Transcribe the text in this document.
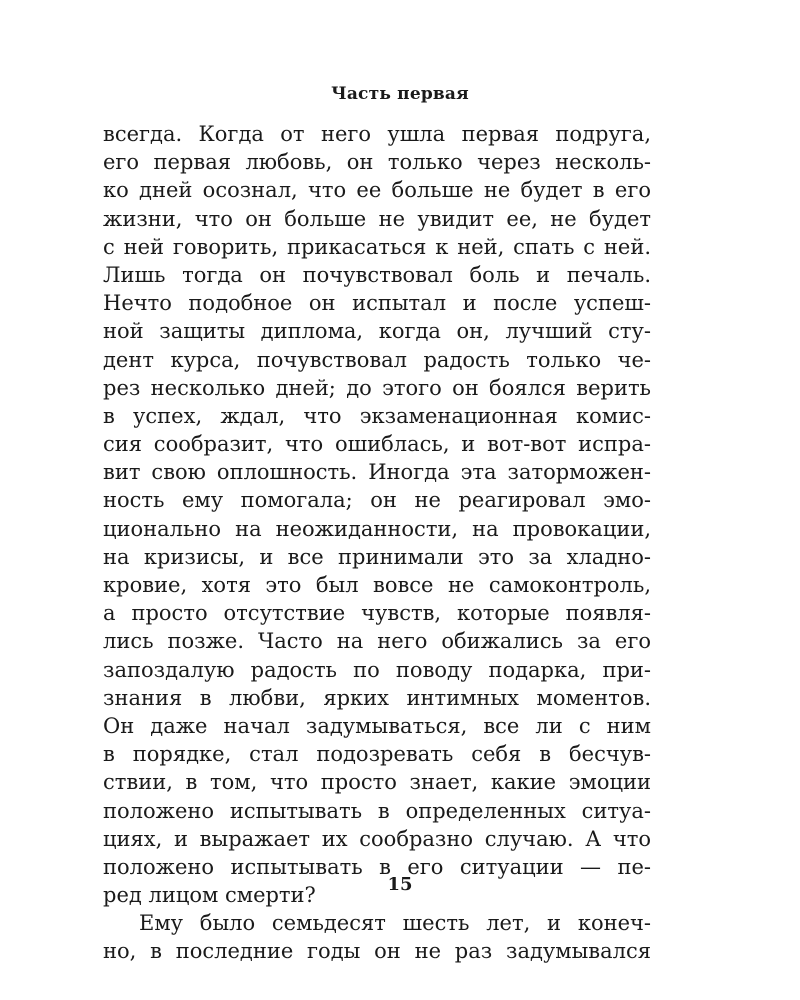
Часть первая
всегда. Когда от него ушла первая подруга,
его первая любовь, он только через несколь-
ко дней осознал, что ее больше не будет в его
жизни, что он больше не увидит ее, не будет
с ней говорить, прикасаться к ней, спать с ней.
Лишь тогда он почувствовал боль и печаль.
Нечто подобное он испытал и после успеш-
ной защиты диплома, когда он, лучший сту-
дент курса, почувствовал радость только че-
рез несколько дней; до этого он боялся верить
в успех, ждал, что экзаменационная комис-
сия сообразит, что ошиблась, и вот-вот испра-
вит свою оплошность. Иногда эта заторможен-
ность ему помогала; он не реагировал эмо-
ционально на неожиданности, на провокации,
на кризисы, и все принимали это за хладно-
кровие, хотя это был вовсе не самоконтроль,
а просто отсутствие чувств, которые появля-
лись позже. Часто на него обижались за его
запоздалую радость по поводу подарка, при-
знания в любви, ярких интимных моментов.
Он даже начал задумываться, все ли с ним
в порядке, стал подозревать себя в бесчув-
ствии, в том, что просто знает, какие эмоции
положено испытывать в определенных ситуа-
циях, и выражает их сообразно случаю. А что
положено испытывать в его ситуации — пе-
ред лицом смерти?
Ему было семьдесят шесть лет, и конеч-
но, в последние годы он не раз задумывался
15
